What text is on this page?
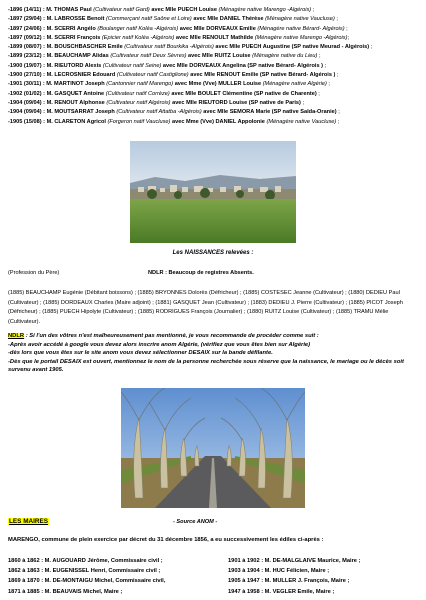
-1896 (14/11) : M. THOMAS Paul (Cultivateur natif Gard) avec Mlle PUECH Louise (Ménagère native Marengo -Algérois) ;
-1897 (29/04) : M. LABROSSE Benoit (Commerçant natif Saône et Loire) avec Mlle DANIEL Thérèse (Ménagère native Vaucluse) ;
-1897 (24/06) : M. SCERRI Angélo (Boulanger natif Koléa -Algérois) avec Mlle DORVEAUX Emilie (Ménagère native Bérard- Algérois) ;
-1897 (09/12) : M. SCERRI François (Epicier natif Koléa -Algérois) avec Mlle RENOULT Mathilde (Ménagère native Marengo -Algérois);
-1899 (08/07) : M. BOUSCHBASCHER Emile (Cultivateur natif Bourkika -Algérois) avec Mlle PUECH Augustine (SP native Meurad - Algérois) ;
-1899 (23/12) : M. BEAUCHAMP Alidas (Cultivateur natif Deux Sèvres) avec Mlle RUITZ Louise (Ménagère native du Lieu) ;
-1900 (19/07) : M. RIEUTORD Alexis (Cultivateur natif Seine) avec Mlle DORVEAUX Angelina (SP native Bérard- Algérois ) ;
-1900 (27/10) : M. LECROSNIER Edouard (Cultivateur natif Castiglione) avec Mlle RENOUT Emilie (SP native Bérard- Algérois ) ;
-1901 (30/11) : M. MARTINOT Joseph (Cantonnier natif Marengo) avec Mme (Vve) MULLER Louise (Ménagère native Algérie) ;
-1902 (01/02) : M. GASQUET Antoine (Cultivateur natif Corrèze) avec Mlle BOULET Clémentine (SP native de Charente) ;
-1904 (09/04) : M. RENOUT Alphonse (Cultivateur natif Algérois) avec Mlle RIEUTORD Louise (SP native de Paris) ;
-1904 (09/04) : M. MOUTSARRAT Joseph (Cultivateur natif Attatba -Algérois) avec Mlle SEMORA Marie (SP native Saïda-Oranie) ;
-1905 (15/08) : M. CLARETON Agricol (Forgeron natif Vaucluse) avec Mme (Vve) DANIEL Appolonie (Ménagère native Vaucluse) ;
Les NAISSANCES relevées :
(Profession du Père)	NDLR : Beaucoup de registres Absents.
(1885) BEAUCHAMP Eugénie (Débitant boissons) ; (1885) BRYONNES Dolorès (Défricheur) ; (1885) COSTESEC Jeanne (Cultivateur) ; (1880) DEDIEU Paul (Cultivateur) ; (1885) DORDEAUX Charles (Maire adjoint) ; (1881) GASQUET Jean (Cultivateur) ; (1883) DEDIEU J. Pierre (Cultivateur) ; (1885) PICOT Joseph (Défricheur) ; (1885) PUECH Hipolyte (Cultivateur) ; (1885) RODRIGUES François (Journalier) ; (1880) RUITZ Louise (Cultivateur) ; (1885) TRAMU Mélie (Cultivateur).
NDLR : Si l'un des vôtres n'est malheureusement pas mentionné, je vous recommande de procéder comme suit :
-Après avoir accédé à google vous devez alors inscrire anom Algérie, (vérifiez que vous êtes bien sur Algérie)
-dès lors que vous êtes sur le site anom vous devez sélectionner DESAIX sur la bande défilante.
-Dès que le portail DESAIX est ouvert, mentionnez le nom de la personne recherchée sous réserve que la naissance, le mariage ou le décès soit survenu avant 1905.
LES MAIRES	- Source ANOM -
MARENGO, commune de plein exercice par décret du 31 décembre 1856, a eu successivement les édiles ci-après :
1860 à 1862 : M. AUGOUARD Jérôme, Commissaire civil ;
1862 à 1863 : M. EUGENISSEL Henri, Commissaire civil ;
1869 à 1870 : M. DE-MONTAIGU Michel, Commissaire civil,
1871 à 1885 : M. BEAUVAIS Michel, Maire ;
1901 à 1902 : M. DE-MALGLAIVE Maurice, Maire ;
1903 à 1904 : M. HUC Félicien, Maire ;
1905 à 1947 : M. MULLER J. François, Maire ;
1947 à 1958 : M. VEGLER Emile, Maire ;
